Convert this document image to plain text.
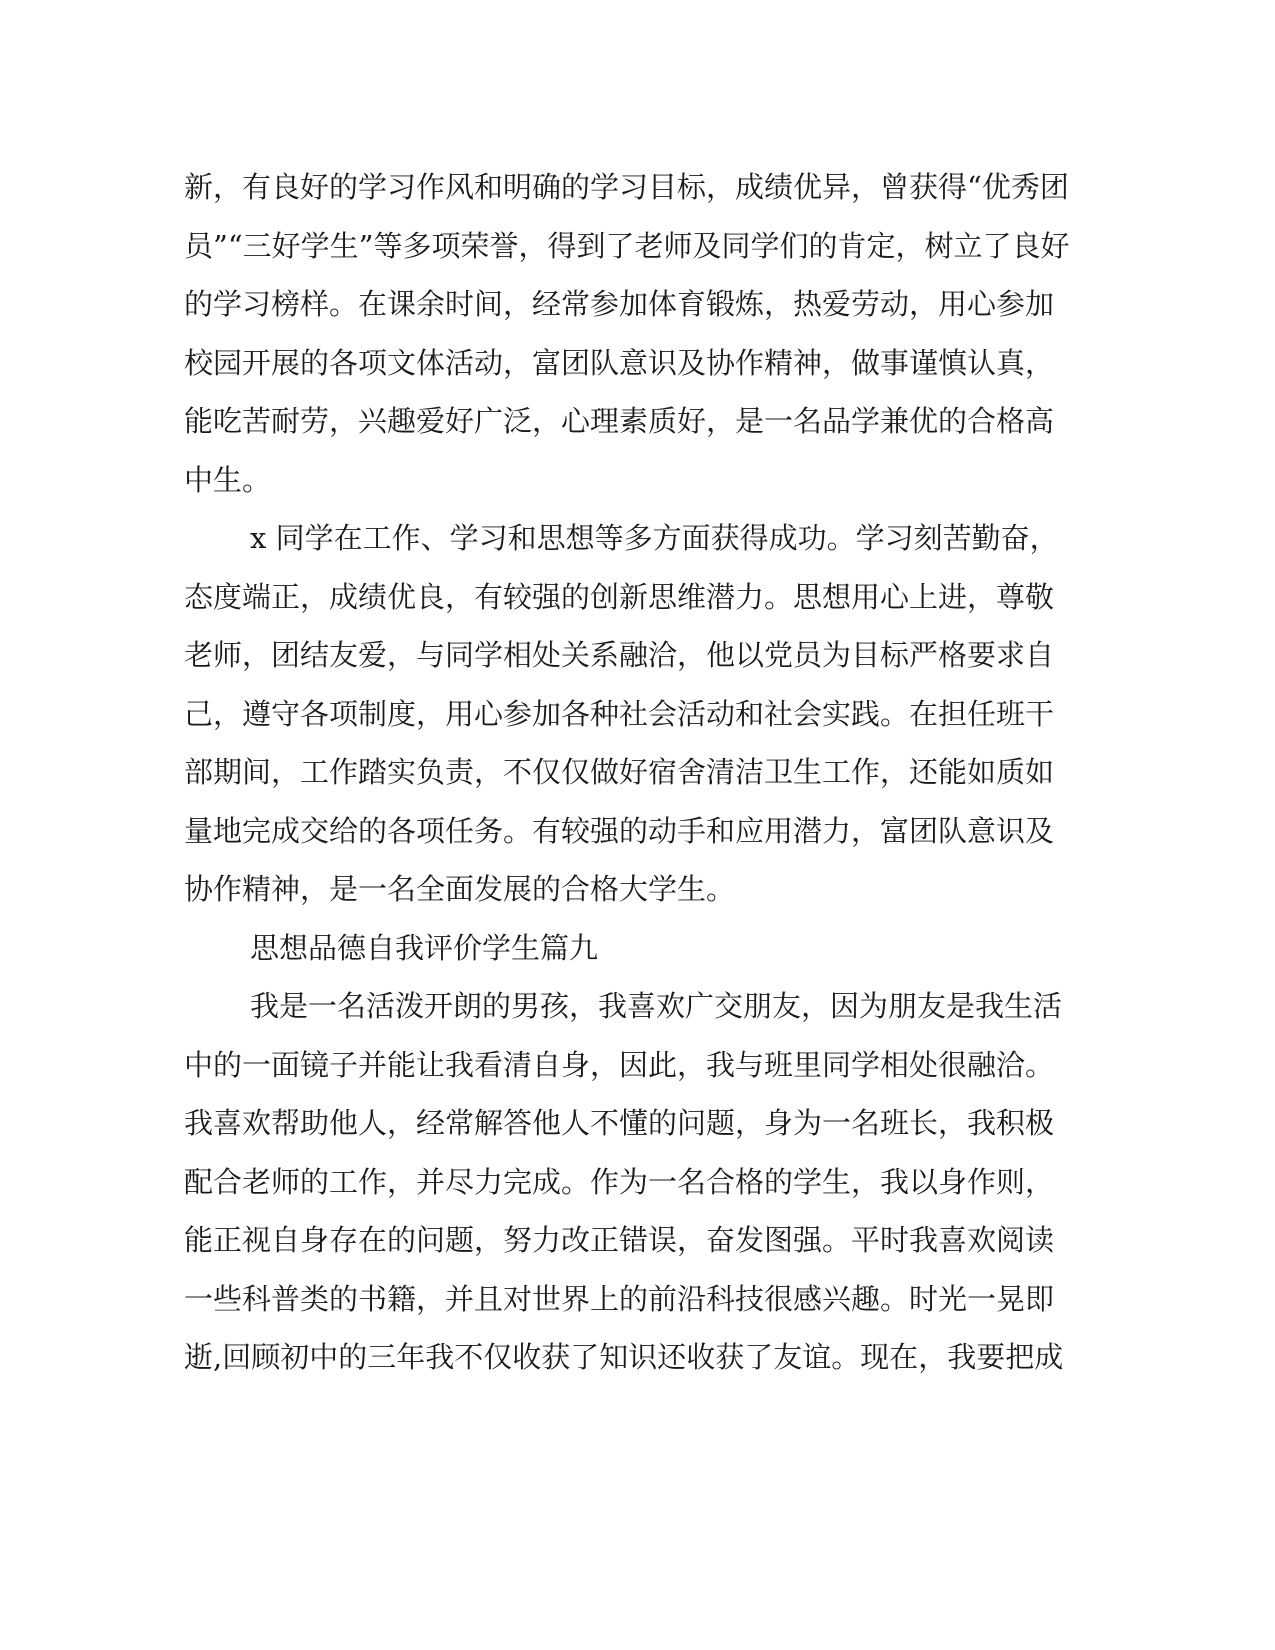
新，有良好的学习作风和明确的学习目标，成绩优异，曾获得“优秀团
员”“三好学生”等多项荣誉，得到了老师及同学们的肯定，树立了良好
的学习榜样。在课余时间，经常参加体育锻炼，热爱劳动，用心参加
校园开展的各项文体活动，富团队意识及协作精神，做事谨慎认真，
能吃苦耐劳，兴趣爱好广泛，心理素质好，是一名品学兼优的合格高
中生。
x 同学在工作、学习和思想等多方面获得成功。学习刻苦勤奋，
态度端正，成绩优良，有较强的创新思维潜力。思想用心上进，尊敬
老师，团结友爱，与同学相处关系融洽，他以党员为目标严格要求自
己，遵守各项制度，用心参加各种社会活动和社会实践。在担任班干
部期间，工作踏实负责，不仅仅做好宿舍清洁卫生工作，还能如质如
量地完成交给的各项任务。有较强的动手和应用潜力，富团队意识及
协作精神，是一名全面发展的合格大学生。
思想品德自我评价学生篇九
我是一名活泼开朗的男孩，我喜欢广交朋友，因为朋友是我生活
中的一面镜子并能让我看清自身，因此，我与班里同学相处很融洽。
我喜欢帮助他人，经常解答他人不懂的问题，身为一名班长，我积极
配合老师的工作，并尽力完成。作为一名合格的学生，我以身作则，
能正视自身存在的问题，努力改正错误，奋发图强。平时我喜欢阅读
一些科普类的书籍，并且对世界上的前沿科技很感兴趣。时光一晃即
逝,回顾初中的三年我不仅收获了知识还收获了友谊。现在，我要把成
